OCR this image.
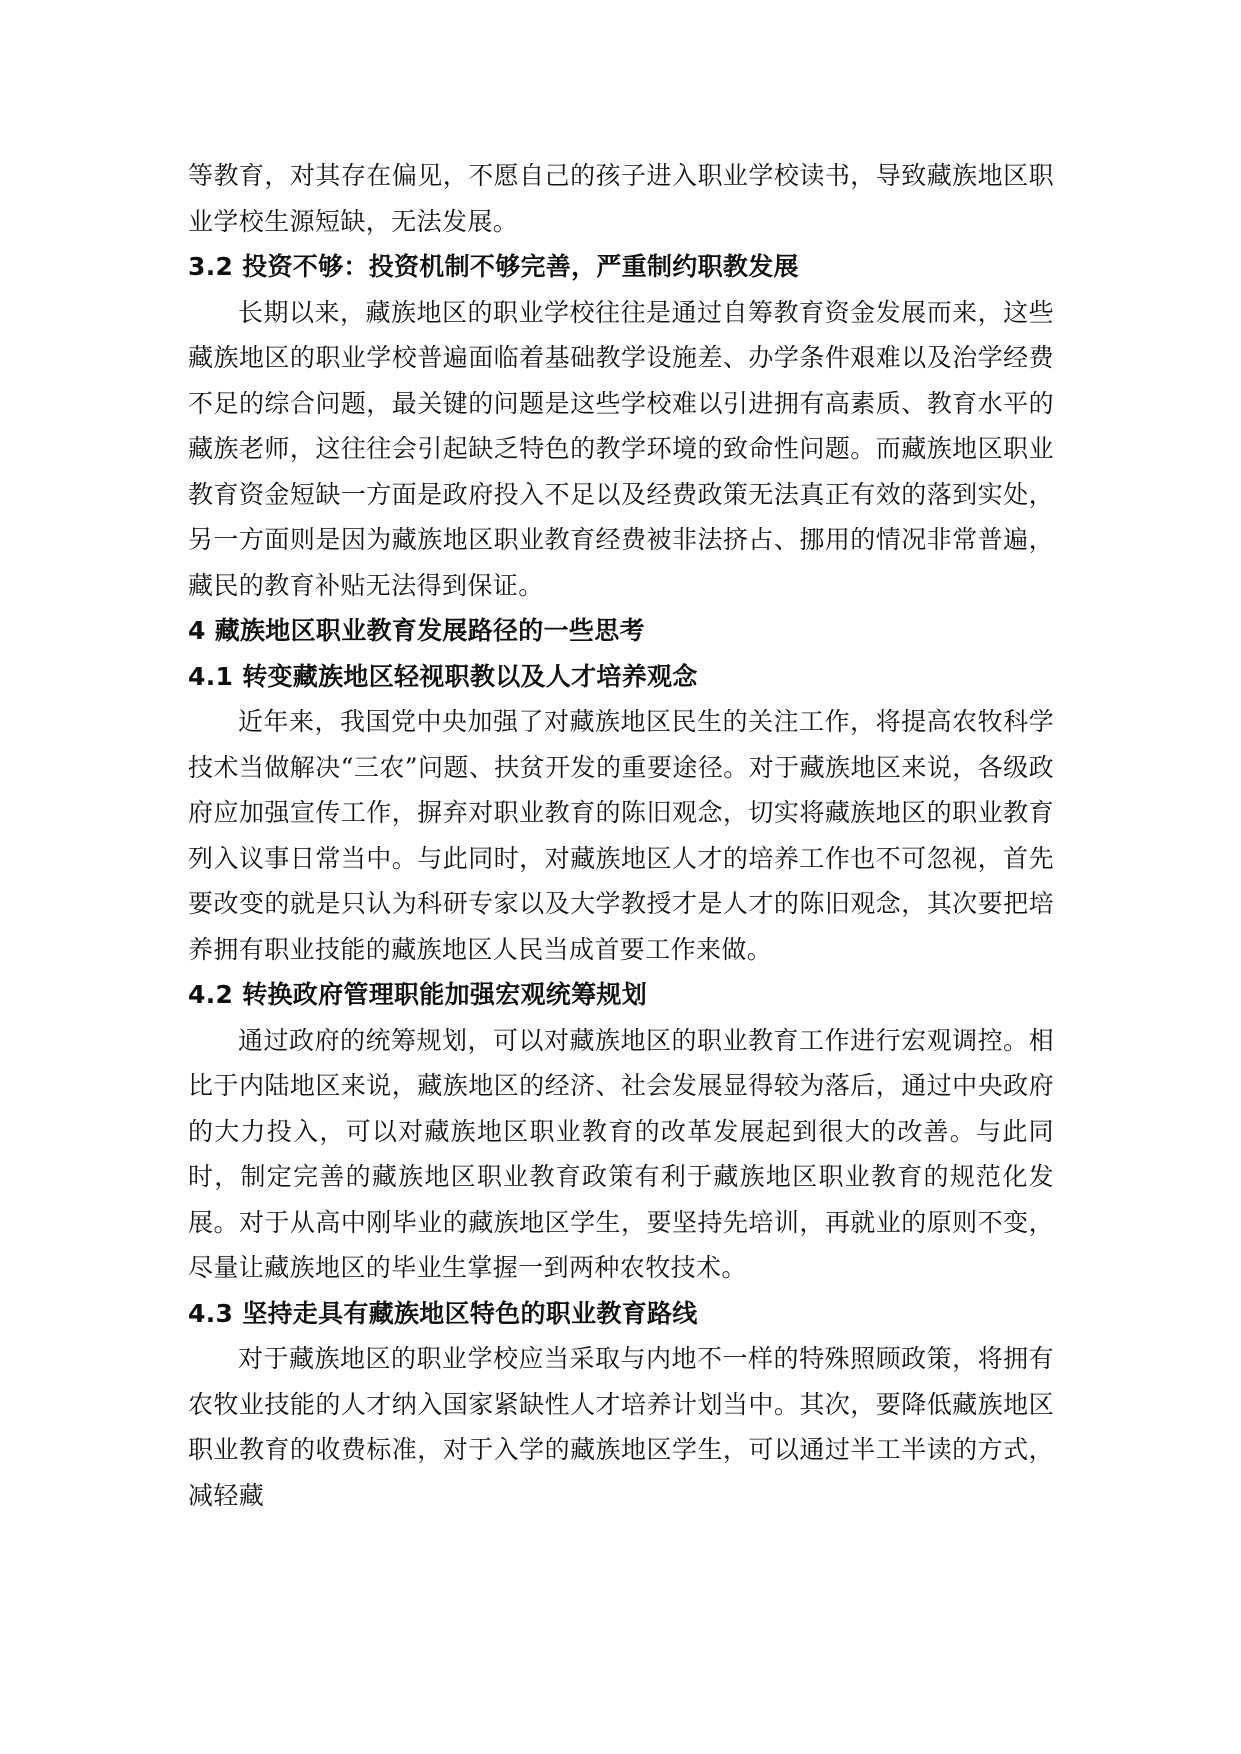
等教育，对其存在偏见，不愿自己的孩子进入职业学校读书，导致藏族地区职业学校生源短缺，无法发展。

3.2 投资不够：投资机制不够完善，严重制约职教发展

长期以来，藏族地区的职业学校往往是通过自筹教育资金发展而来，这些藏族地区的职业学校普遍面临着基础教学设施差、办学条件艰难以及治学经费不足的综合问题，最关键的问题是这些学校难以引进拥有高素质、教育水平的藏族老师，这往往会引起缺乏特色的教学环境的致命性问题。而藏族地区职业教育资金短缺一方面是政府投入不足以及经费政策无法真正有效的落到实处，另一方面则是因为藏族地区职业教育经费被非法挤占、挪用的情况非常普遍，藏民的教育补贴无法得到保证。

4 藏族地区职业教育发展路径的一些思考
4.1 转变藏族地区轻视职教以及人才培养观念

近年来，我国党中央加强了对藏族地区民生的关注工作，将提高农牧科学技术当做解决“三农”问题、扶贫开发的重要途径。对于藏族地区来说，各级政府应加强宣传工作，摒弃对职业教育的陈旧观念，切实将藏族地区的职业教育列入议事日常当中。与此同时，对藏族地区人才的培养工作也不可忽视，首先要改变的就是只认为科研专家以及大学教授才是人才的陈旧观念，其次要把培养拥有职业技能的藏族地区人民当成首要工作来做。

4.2 转换政府管理职能加强宏观统筹规划

通过政府的统筹规划，可以对藏族地区的职业教育工作进行宏观调控。相比于内陆地区来说，藏族地区的经济、社会发展显得较为落后，通过中央政府的大力投入，可以对藏族地区职业教育的改革发展起到很大的改善。与此同时，制定完善的藏族地区职业教育政策有利于藏族地区职业教育的规范化发展。对于从高中刚毕业的藏族地区学生，要坚持先培训，再就业的原则不变，尽量让藏族地区的毕业生掌握一到两种农牧技术。

4.3 坚持走具有藏族地区特色的职业教育路线

对于藏族地区的职业学校应当采取与内地不一样的特殊照顾政策，将拥有农牧业技能的人才纳入国家紧缺性人才培养计划当中。其次，要降低藏族地区职业教育的收费标准，对于入学的藏族地区学生，可以通过半工半读的方式，减轻藏
